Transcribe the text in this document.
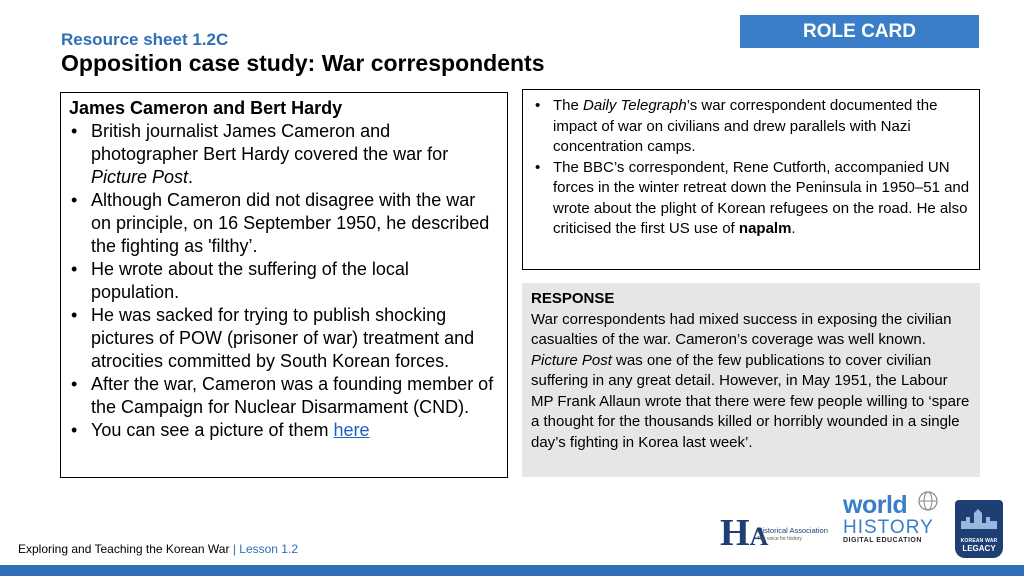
Resource sheet 1.2C
Opposition case study: War correspondents
ROLE CARD
James Cameron and Bert Hardy
• British journalist James Cameron and photographer Bert Hardy covered the war for Picture Post.
• Although Cameron did not disagree with the war on principle, on 16 September 1950, he described the fighting as 'filthy’.
• He wrote about the suffering of the local population.
• He was sacked for trying to publish shocking pictures of POW (prisoner of war) treatment and atrocities committed by South Korean forces.
• After the war, Cameron was a founding member of the Campaign for Nuclear Disarmament (CND).
• You can see a picture of them here
• The Daily Telegraph’s war correspondent documented the impact of war on civilians and drew parallels with Nazi concentration camps.
• The BBC’s correspondent, Rene Cutforth, accompanied UN forces in the winter retreat down the Peninsula in 1950–51 and wrote about the plight of Korean refugees on the road. He also criticised the first US use of napalm.
RESPONSE
War correspondents had mixed success in exposing the civilian casualties of the war. Cameron’s coverage was well known. Picture Post was one of the few publications to cover civilian suffering in any great detail. However, in May 1951, the Labour MP Frank Allaun wrote that there were few people willing to ‘spare a thought for the thousands killed or horribly wounded in a single day’s fighting in Korea last week’.
Exploring and Teaching the Korean War | Lesson 1.2	HA
Historical Association
The voice for history
world
HISTORY
DIGITAL EDUCATION	KOREAN WAR
LEGACY
